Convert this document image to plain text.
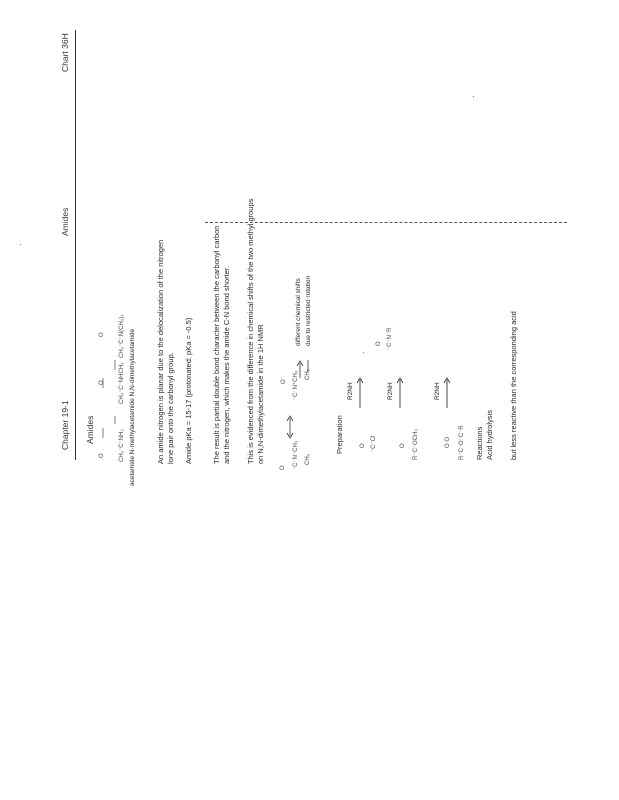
Chart 36H
Amides
Chapter 19-1 Amides	CH₃⁻C⁻NH₂
CH₃⁻C⁻NHCH₃
CH₃⁻C⁻N(CH₃)₂
O
O
O	acetamide N-methylacetamide N,N-dimethylacetamide	An amide nitrogen is planar due to the delocalization of the nitrogen lone pair onto the carbonyl group. Amide pKa = 15-17 (protonated: pKa = -0.5)	The result is partial double bond character between the carbonyl carbon and the nitrogen, which makes the amide C-N bond shorter. This is evidenced from the difference in chemical shifts of the two methyl groups on N,N-dimethylacetamide in the 1H NMR
O ⁻C⁻N⁻CH₃ CH₃
O⁻ ⁻C⁻N⁺CH₃ CH₃
different chemical shifts due to restricted rotation
Preparation
R2NH	R2NH	R2NH
O ⁻C⁻Cl	O R⁻C⁻OCH₃	O O R⁻C⁻O⁻C⁻R
O ⁻C⁻N⁻R
Reactions Acid hydrolysis but less reactive than the corresponding acid
